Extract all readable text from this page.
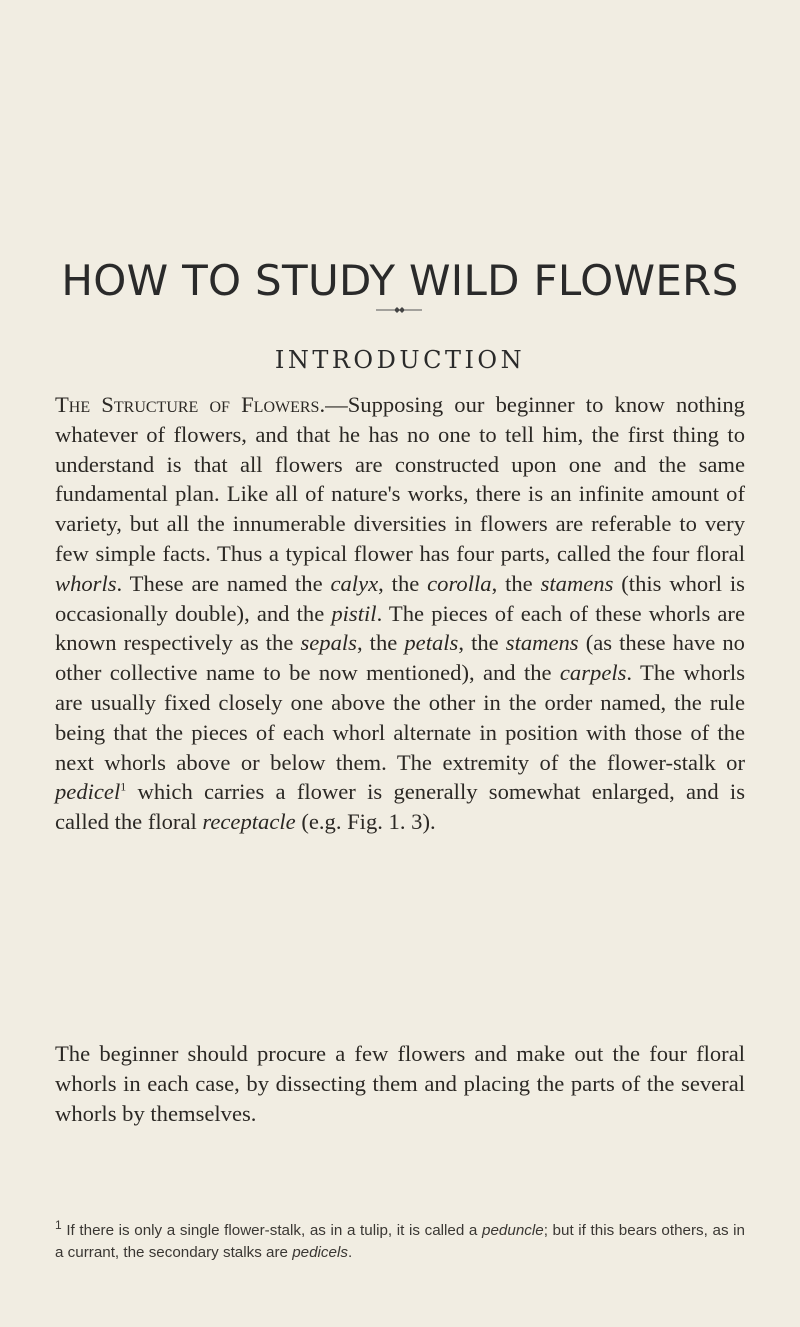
HOW TO STUDY WILD FLOWERS
INTRODUCTION
The Structure of Flowers.—Supposing our beginner to know nothing whatever of flowers, and that he has no one to tell him, the first thing to understand is that all flowers are constructed upon one and the same fundamental plan. Like all of nature's works, there is an infinite amount of variety, but all the innumerable diversities in flowers are referable to very few simple facts. Thus a typical flower has four parts, called the four floral whorls. These are named the calyx, the corolla, the stamens (this whorl is occasionally double), and the pistil. The pieces of each of these whorls are known respectively as the sepals, the petals, the stamens (as these have no other collective name to be now mentioned), and the carpels. The whorls are usually fixed closely one above the other in the order named, the rule being that the pieces of each whorl alternate in position with those of the next whorls above or below them. The extremity of the flower-stalk or pedicel$^1$ which carries a flower is generally somewhat enlarged, and is called the floral receptacle (e.g. Fig. 1. 3).
The beginner should procure a few flowers and make out the four floral whorls in each case, by dissecting them and placing the parts of the several whorls by themselves.
$^1$ If there is only a single flower-stalk, as in a tulip, it is called a peduncle; but if this bears others, as in a currant, the secondary stalks are pedicels.
